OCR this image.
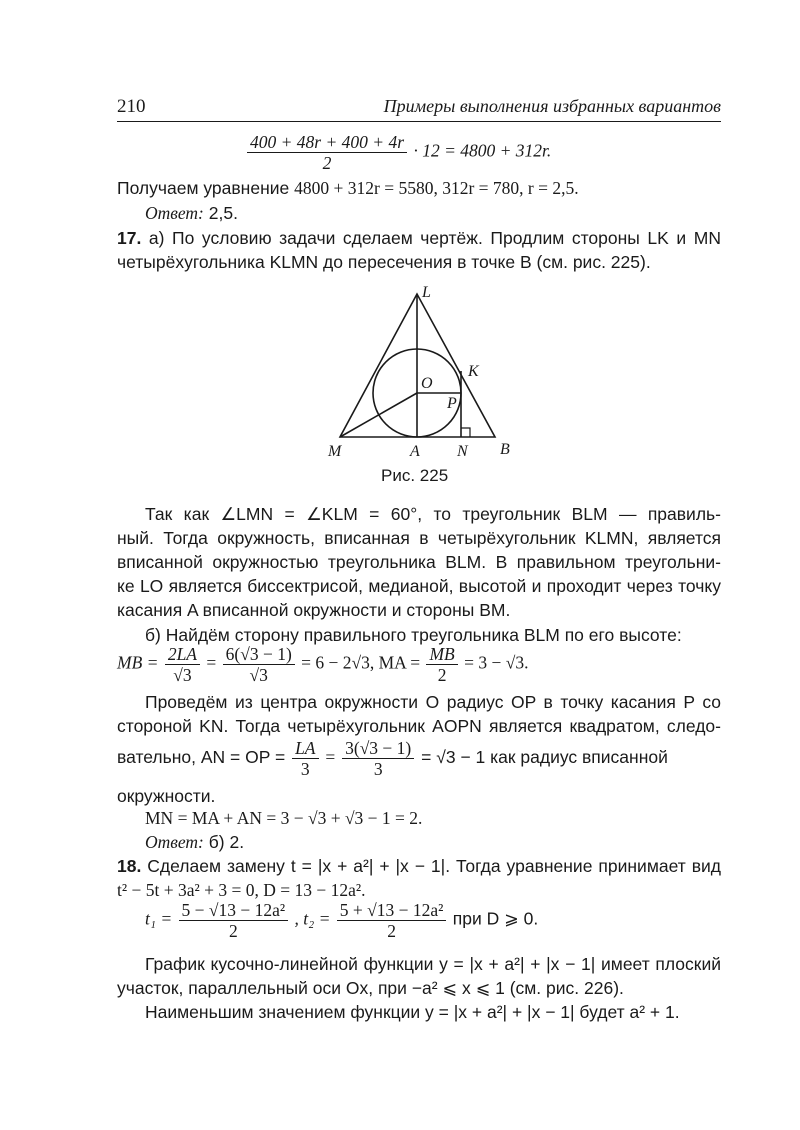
210	Примеры выполнения избранных вариантов
$\frac{400 + 48r + 400 + 4r}{2} \cdot 12 = 4800 + 312r$.
Получаем уравнение 4800 + 312r = 5580, 312r = 780, r = 2,5.
Ответ: 2,5.
17. а) По условию задачи сделаем чертёж. Продлим стороны LK и MN
четырёхугольника KLMN до пересечения в точке B (см. рис. 225).
L
K
O
P
M	A N B
Рис. 225
Так как ∠LMN = ∠KLM = 60°, то треугольник BLM — правиль-
ный. Тогда окружность, вписанная в четырёхугольник KLMN, является
вписанной окружностью треугольника BLM. В правильном треугольни-
ке LO является биссектрисой, медианой, высотой и проходит через точку
касания A вписанной окружности и стороны BM.
б) Найдём сторону правильного треугольника BLM по его высоте:
MB = $\frac{2LA}{√3} = \frac{6(√3 - 1)}{√3} = 6 - 2√3$, MA = $\frac{MB}{2} = 3 - √3$.
Проведём из центра окружности O радиус OP в точку касания P со
стороной KN. Тогда четырёхугольник AOPN является квадратом, следо-
вательно, AN = OP = $\frac{LA}{3} = \frac{3(√3 - 1)}{3} = √3 - 1$ как радиус вписанной
окружности.
MN = MA + AN = 3 − √3 + √3 − 1 = 2.
Ответ: б) 2.
18. Сделаем замену t = |x + a²| + |x − 1|. Тогда уравнение принимает вид
t² − 5t + 3a² + 3 = 0, D = 13 − 12a².
$t_1 = \frac{\text{5 − √13 − 12a²}}{2}$ , $t_2 = \frac{\text{5 + √13 − 12a²}}{2}$ при D ⩾ 0.
График кусочно-линейной функции y = |x + a²| + |x − 1| имеет плоский
участок, параллельный оси Ox, при −a² ⩽ x ⩽ 1 (см. рис. 226).
Наименьшим значением функции y = |x + a²| + |x − 1| будет a² + 1.
